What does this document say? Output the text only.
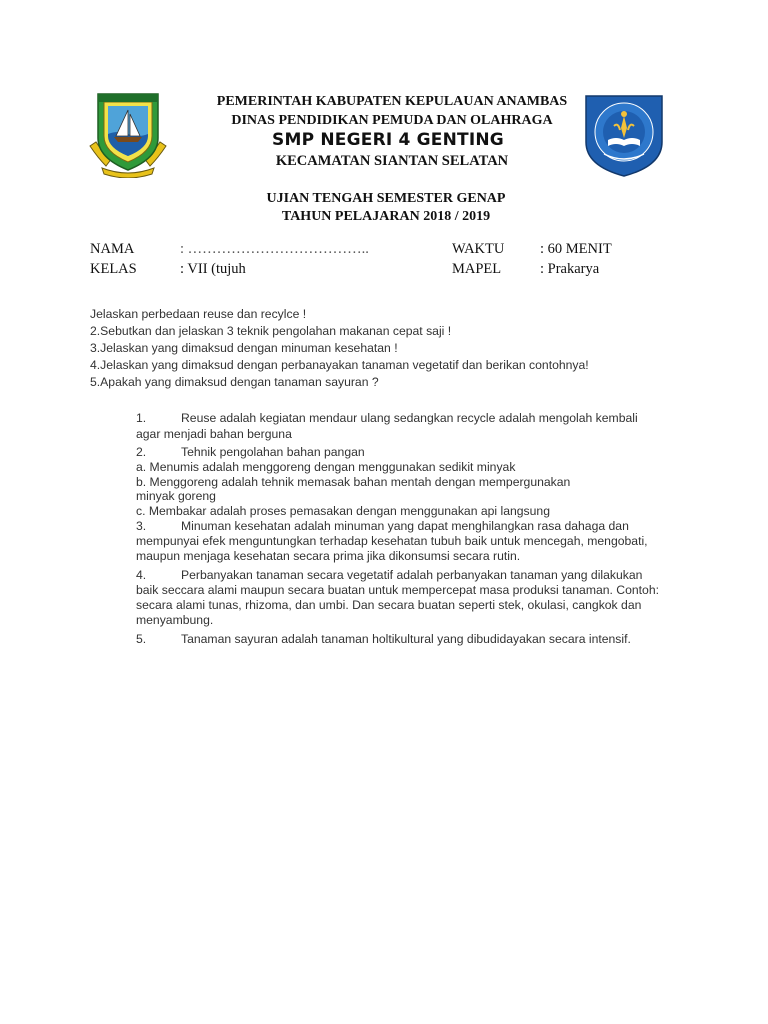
PEMERINTAH KABUPATEN KEPULAUAN ANAMBAS
DINAS PENDIDIKAN PEMUDA DAN OLAHRAGA
SMP NEGERI 4 GENTING
KECAMATAN SIANTAN SELATAN
UJIAN TENGAH SEMESTER GENAP
TAHUN PELAJARAN 2018 / 2019
NAMA	: ………………………………..	WAKTU : 60 MENIT
KELAS	: VII (tujuh	MAPEL	: Prakarya
Jelaskan perbedaan reuse dan recylce !
2.Sebutkan dan jelaskan 3 teknik pengolahan makanan cepat saji !
3.Jelaskan yang dimaksud dengan minuman kesehatan !
4.Jelaskan yang dimaksud dengan perbanayakan tanaman vegetatif dan berikan contohnya!
5.Apakah yang dimaksud dengan tanaman sayuran ?
1.	Reuse adalah kegiatan mendaur ulang sedangkan recycle adalah mengolah kembali
agar menjadi bahan berguna
2.	Tehnik pengolahan bahan pangan
a. Menumis adalah menggoreng dengan menggunakan sedikit minyak
b. Menggoreng adalah tehnik memasak bahan mentah dengan mempergunakan
minyak goreng
c. Membakar adalah proses pemasakan dengan menggunakan api langsung
3.	Minuman kesehatan adalah minuman yang dapat menghilangkan rasa dahaga dan
mempunyai efek menguntungkan terhadap kesehatan tubuh baik untuk mencegah, mengobati,
maupun menjaga kesehatan secara prima jika dikonsumsi secara rutin.
4.	Perbanyakan tanaman secara vegetatif adalah perbanyakan tanaman yang dilakukan
baik seccara alami maupun secara buatan untuk mempercepat masa produksi tanaman. Contoh:
secara alami tunas, rhizoma, dan umbi. Dan secara buatan seperti stek, okulasi, cangkok dan
menyambung.
5.	Tanaman sayuran adalah tanaman holtikultural yang dibudidayakan secara intensif.
